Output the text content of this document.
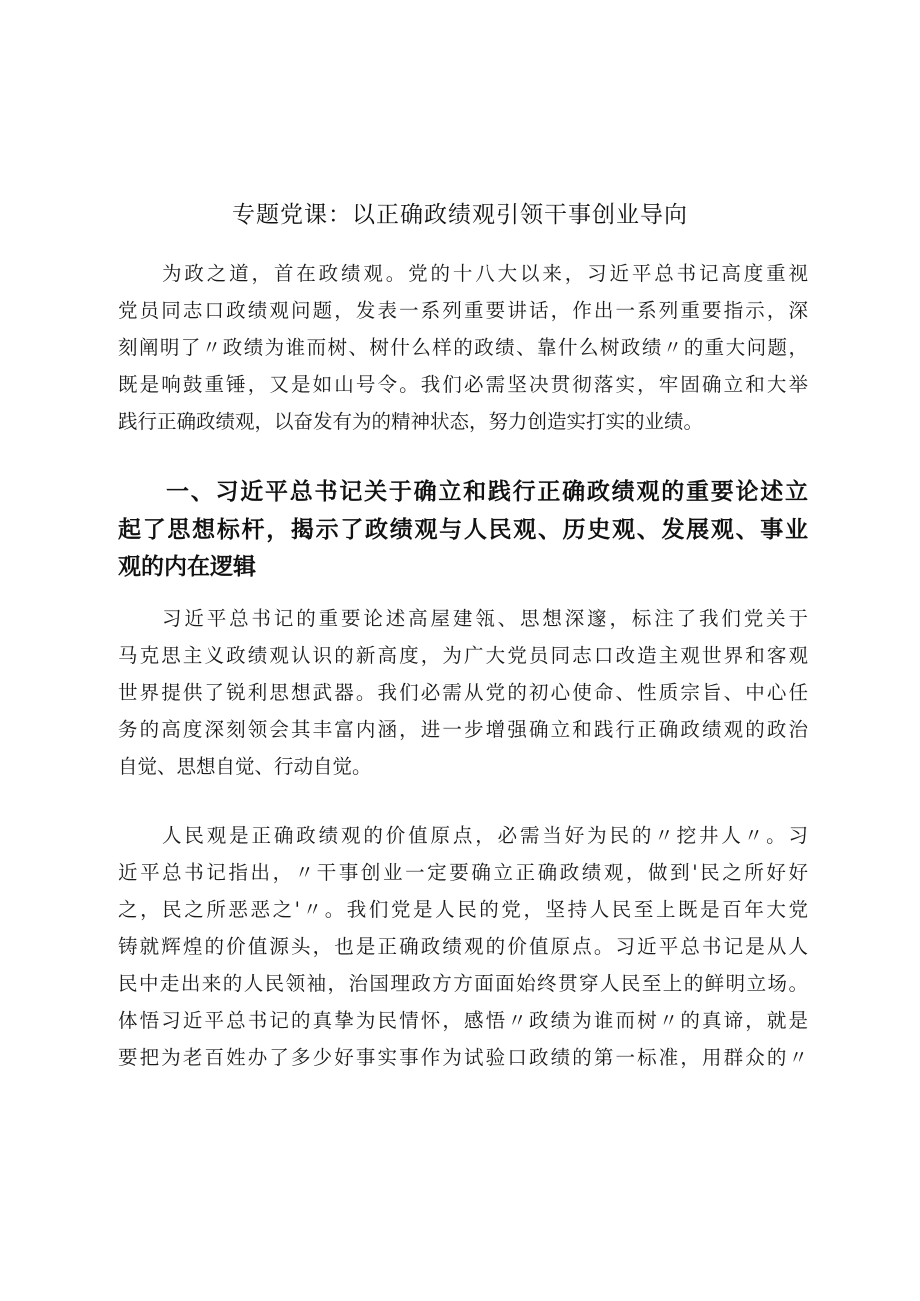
专题党课：以正确政绩观引领干事创业导向
为政之道，首在政绩观。党的十八大以来，习近平总书记高度重视
党员同志口政绩观问题，发表一系列重要讲话，作出一系列重要指示，深
刻阐明了〃政绩为谁而树、树什么样的政绩、靠什么树政绩〃的重大问题，
既是响鼓重锤，又是如山号令。我们必需坚决贯彻落实，牢固确立和大举
践行正确政绩观，以奋发有为的精神状态，努力创造实打实的业绩。
一、习近平总书记关于确立和践行正确政绩观的重要论述立
起了思想标杆，揭示了政绩观与人民观、历史观、发展观、事业
观的内在逻辑
习近平总书记的重要论述高屋建瓴、思想深邃，标注了我们党关于
马克思主义政绩观认识的新高度，为广大党员同志口改造主观世界和客观
世界提供了锐利思想武器。我们必需从党的初心使命、性质宗旨、中心任
务的高度深刻领会其丰富内涵，进一步增强确立和践行正确政绩观的政治
自觉、思想自觉、行动自觉。
人民观是正确政绩观的价值原点，必需当好为民的〃挖井人〃。习
近平总书记指出，〃干事创业一定要确立正确政绩观，做到'民之所好好
之，民之所恶恶之'〃。我们党是人民的党，坚持人民至上既是百年大党
铸就辉煌的价值源头，也是正确政绩观的价值原点。习近平总书记是从人
民中走出来的人民领袖，治国理政方方面面始终贯穿人民至上的鲜明立场。
体悟习近平总书记的真挚为民情怀，感悟〃政绩为谁而树〃的真谛，就是
要把为老百姓办了多少好事实事作为试验口政绩的第一标准，用群众的〃
